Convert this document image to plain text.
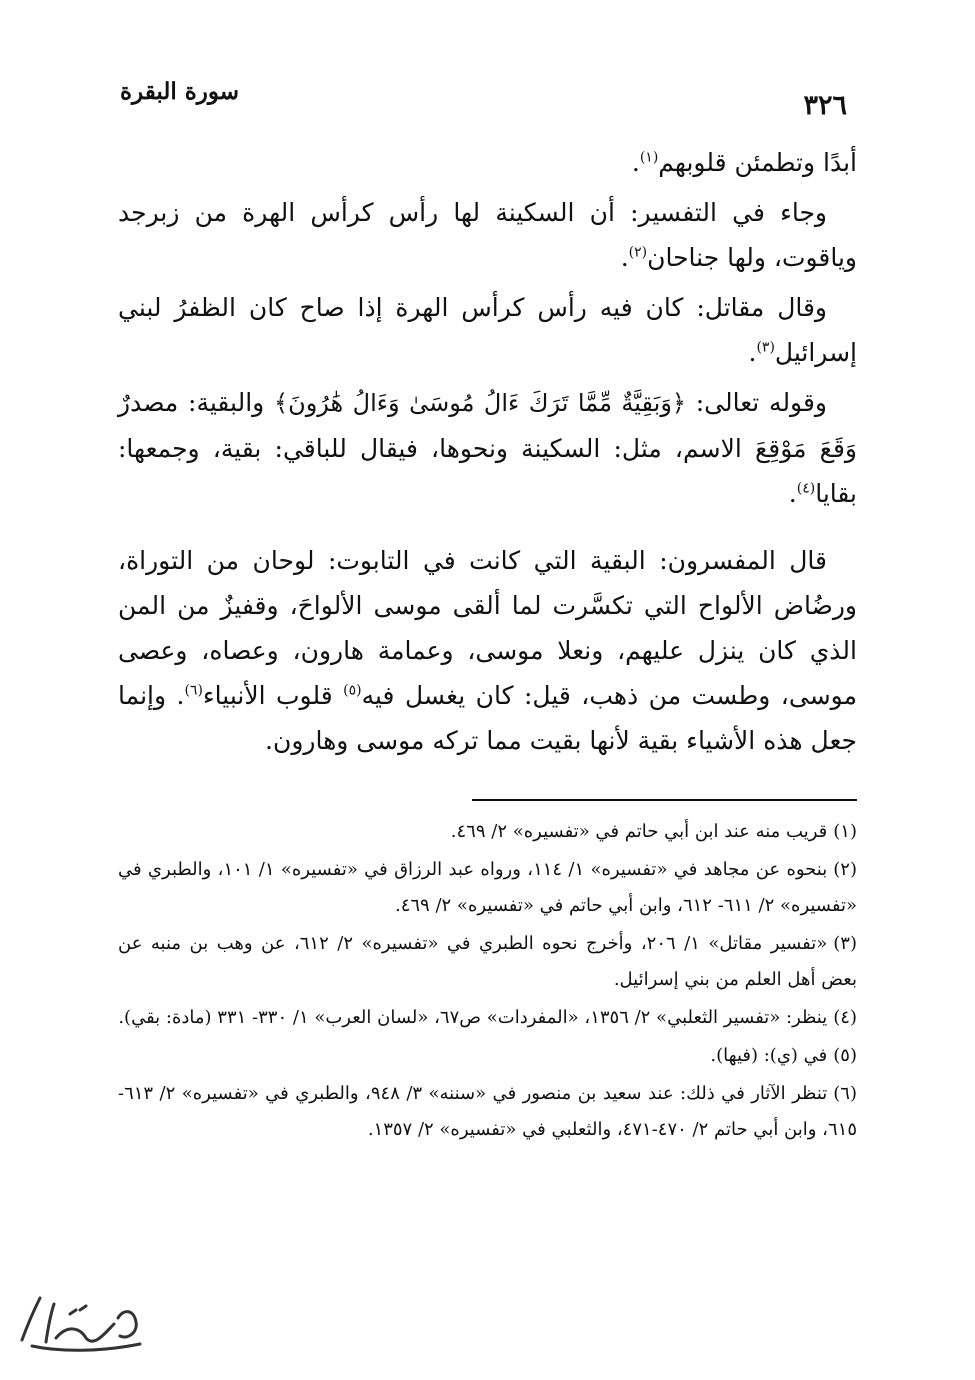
٣٢٦
سورة البقرة

أبدًا وتطمئن قلوبهم$^{(١)}$.

وجاء في التفسير: أن السكينة لها رأس كرأس الهرة من زبرجد وياقوت، ولها جناحان$^{(٢)}$.

وقال مقاتل: كان فيه رأس كرأس الهرة إذا صاح كان الظفرُ لبني إسرائيل$^{(٣)}$.

وقوله تعالى: ﴿وَبَقِيَّةٌ مِّمَّا تَرَكَ ءَالُ مُوسَىٰ وَءَالُ هَٰرُونَ﴾ والبقية: مصدرٌ وَقَعَ مَوْقِعَ الاسم، مثل: السكينة ونحوها، فيقال للباقي: بقية، وجمعها: بقايا$^{(٤)}$.

قال المفسرون: البقية التي كانت في التابوت: لوحان من التوراة، ورضُاض الألواح التي تكسَّرت لما ألقى موسى الألواحَ، وقفيزٌ من المن الذي كان ينزل عليهم، ونعلا موسى، وعمامة هارون، وعصاه، وعصى موسى، وطست من ذهب، قيل: كان يغسل فيه$^{(٥)}$ قلوب الأنبياء$^{(٦)}$. وإنما جعل هذه الأشياء بقية لأنها بقيت مما تركه موسى وهارون.

(١)قريب منه عند ابن أبي حاتم في «تفسيره» ٢/ ٤٦٩.

(٢)بنحوه عن مجاهد في «تفسيره» ١/ ١١٤، ورواه عبد الرزاق في «تفسيره» ١/ ١٠١، والطبري في «تفسيره» ٢/ ٦١١- ٦١٢، وابن أبي حاتم في «تفسيره» ٢/ ٤٦٩.

(٣)«تفسير مقاتل» ١/ ٢٠٦، وأخرج نحوه الطبري في «تفسيره» ٢/ ٦١٢، عن وهب بن منبه عن بعض أهل العلم من بني إسرائيل.

(٤)ينظر: «تفسير الثعلبي» ٢/ ١٣٥٦، «المفردات» ص٦٧، «لسان العرب» ١/ ٣٣٠- ٣٣١ (مادة: بقي).

(٥)في (ي): (فيها).

(٦)تنظر الآثار في ذلك: عند سعيد بن منصور في «سننه» ٣/ ٩٤٨، والطبري في «تفسيره» ٢/ ٦١٣- ٦١٥، وابن أبي حاتم ٢/ ٤٧٠-٤٧١، والثعلبي في «تفسيره» ٢/ ١٣٥٧.
